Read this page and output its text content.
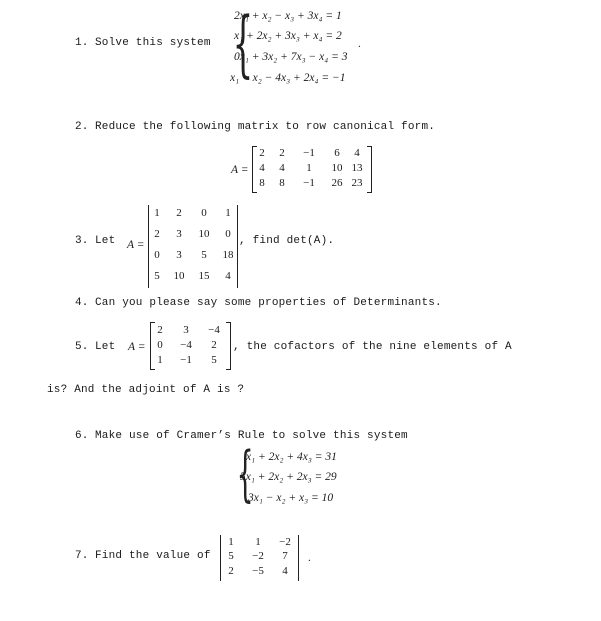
1. Solve this system {
2x₁ + x₂ − x₃ + 3x₄ = 1
x₁ + 2x₂ + 3x₃ + x₄ = 2
0x₁ + 3x₂ + 7x₃ − x₄ = 3
x₁ − x₂ − 4x₃ + 2x₄ = −1
.
2. Reduce the following matrix to row canonical form.
A =
2	2	−1	6	4
4	4	1	10 13
8	8	−1	26 23
3. Let A =
1	2	0	1
2	3	10	0
0	3	5	18
5	10	15	4
, find det(A).
4. Can you please say some properties of Determinants.
5. Let A =
2	3	−4
0	−4	2
1	−1	5
, the cofactors of the nine elements of A
is? And the adjoint of A is ?
6. Make use of Cramer’s Rule to solve this system
{
x₁ + 2x₂ + 4x₃ = 31
5x₁ + 2x₂ + 2x₃ = 29
3x₁ − x₂ + x₃ = 10
7. Find the value of
1	1	−2
5	−2	7
2	−5	4
.
